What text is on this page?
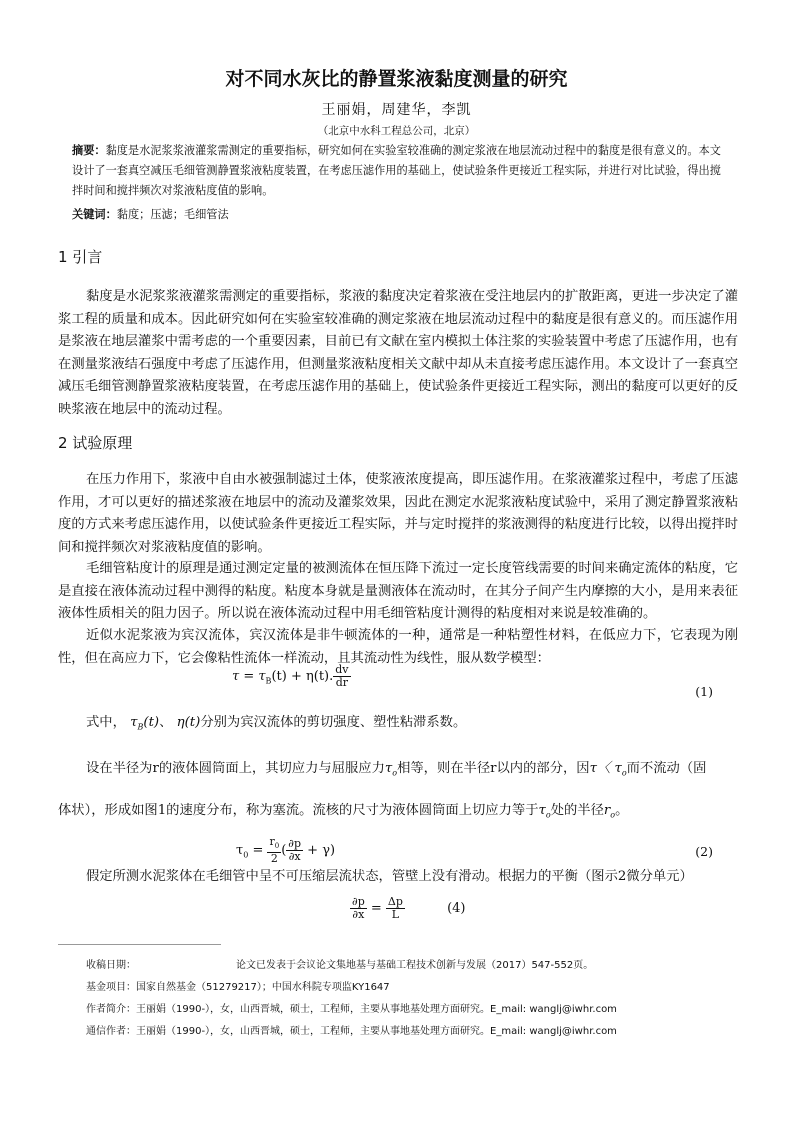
对不同水灰比的静置浆液黏度测量的研究
王丽娟，周建华，李凯
（北京中水科工程总公司，北京）
摘要：黏度是水泥浆浆液灌浆需测定的重要指标，研究如何在实验室较准确的测定浆液在地层流动过程中的黏度是很有意义的。本文设计了一套真空减压毛细管测静置浆液粘度装置，在考虑压滤作用的基础上，使试验条件更接近工程实际，并进行对比试验，得出搅拌时间和搅拌频次对浆液粘度值的影响。
关键词：黏度；压滤；毛细管法
1 引言

黏度是水泥浆浆液灌浆需测定的重要指标，浆液的黏度决定着浆液在受注地层内的扩散距离，更进一步决定了灌浆工程的质量和成本。因此研究如何在实验室较准确的测定浆液在地层流动过程中的黏度是很有意义的。而压滤作用是浆液在地层灌浆中需考虑的一个重要因素，目前已有文献在室内模拟土体注浆的实验装置中考虑了压滤作用，也有在测量浆液结石强度中考虑了压滤作用，但测量浆液粘度相关文献中却从未直接考虑压滤作用。本文设计了一套真空减压毛细管测静置浆液粘度装置，在考虑压滤作用的基础上，使试验条件更接近工程实际，测出的黏度可以更好的反映浆液在地层中的流动过程。

2 试验原理

在压力作用下，浆液中自由水被强制滤过土体，使浆液浓度提高，即压滤作用。在浆液灌浆过程中，考虑了压滤作用，才可以更好的描述浆液在地层中的流动及灌浆效果，因此在测定水泥浆液粘度试验中，采用了测定静置浆液粘度的方式来考虑压滤作用，以使试验条件更接近工程实际，并与定时搅拌的浆液测得的粘度进行比较，以得出搅拌时间和搅拌频次对浆液粘度值的影响。

毛细管粘度计的原理是通过测定定量的被测流体在恒压降下流过一定长度管线需要的时间来确定流体的粘度，它是直接在液体流动过程中测得的粘度。粘度本身就是量测液体在流动时，在其分子间产生内摩擦的大小，是用来表征液体性质相关的阻力因子。所以说在液体流动过程中用毛细管粘度计测得的粘度相对来说是较准确的。

近似水泥浆液为宾汉流体，宾汉流体是非牛顿流体的一种，通常是一种粘塑性材料，在低应力下，它表现为刚性，但在高应力下，它会像粘性流体一样流动，且其流动性为线性，服从数学模型：

$\tau = \tau_B(t) + \eta(t)$. $\frac{dv}{dr}$
(1)

式中， $\tau_B(t)$、 η(t)分别为宾汉流体的剪切强度、塑性粘滞系数。

设在半径为r的液体圆筒面上，其切应力与屈服应力$\tau_o$相等，则在半径r以内的部分，因τ〈 $\tau_o$而不流动（固

体状），形成如图1的速度分布，称为塞流。流核的尺寸为液体圆筒面上切应力等于$\tau_o$处的半径$r_o$。

$\tau_0 = \frac{r_0}{2}$ ( $\frac{\partial p}{\partial x} + \gamma$)	(2)

假定所测水泥浆体在毛细管中呈不可压缩层流状态，管壁上没有滑动。根据力的平衡（图示2微分单元）

$\frac{\partial p}{\partial x} = \frac{\Delta p}{L}$	(4)
收稿日期：	论文已发表于会议论文集地基与基础工程技术创新与发展（2017）547-552页。
基金项目：国家自然基金（51279217）；中国水科院专项监KY1647
作者简介：王丽娟（1990-），女，山西晋城，硕士，工程师，主要从事地基处理方面研究。E_mail: wanglj@iwhr.com
通信作者：王丽娟（1990-），女，山西晋城，硕士，工程师，主要从事地基处理方面研究。E_mail: wanglj@iwhr.com
